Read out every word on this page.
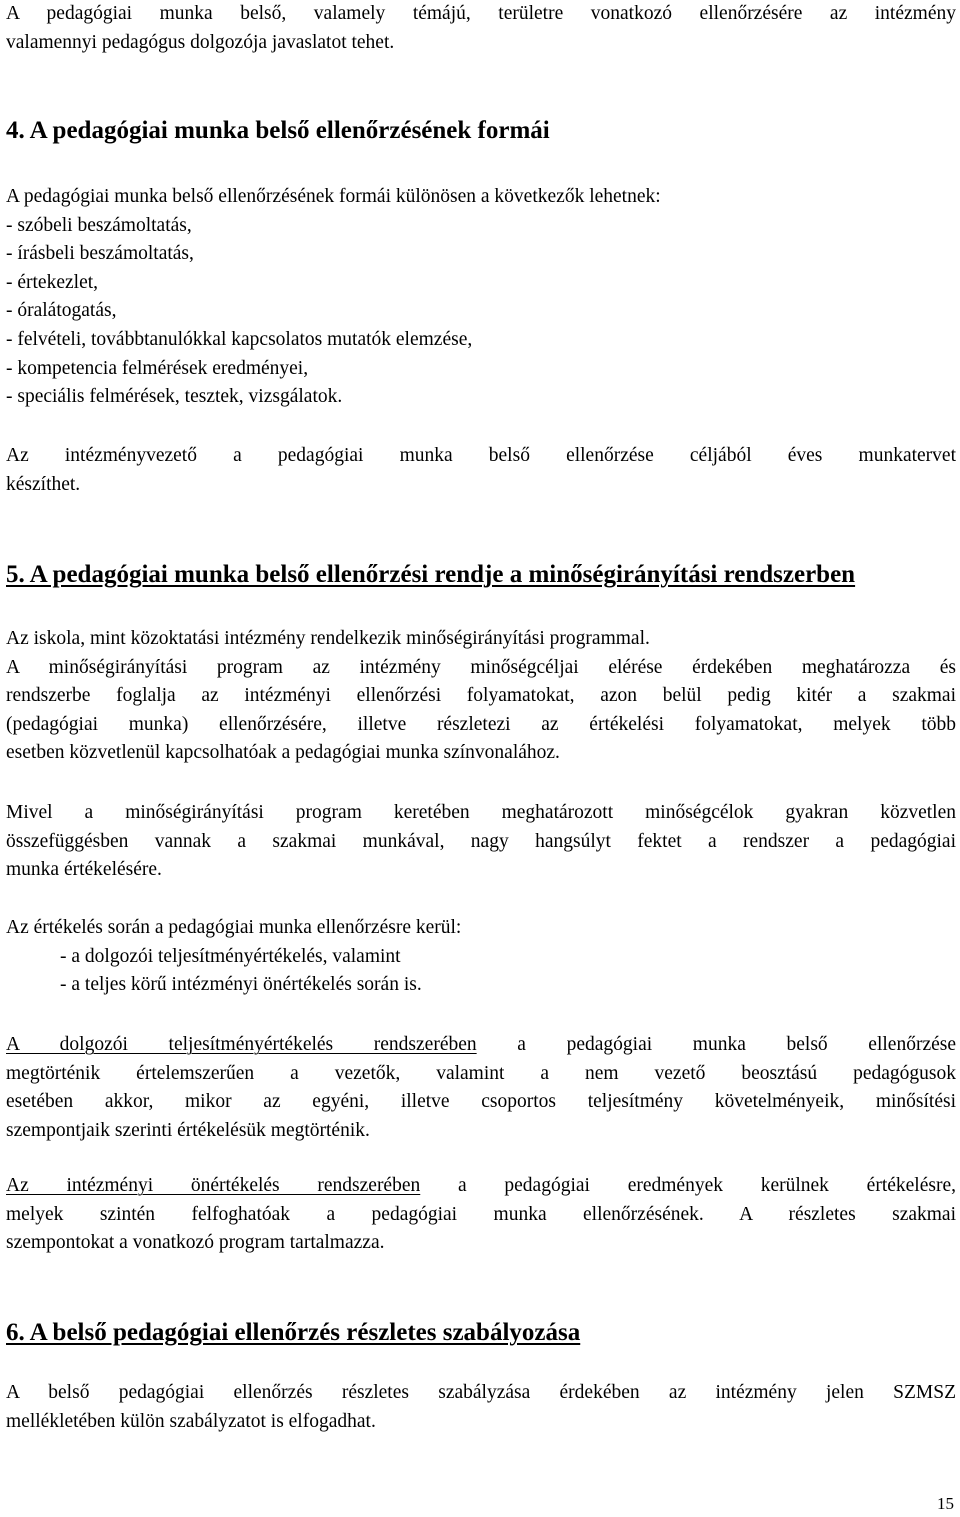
A pedagógiai munka belső, valamely témájú, területre vonatkozó ellenőrzésére az intézmény

valamennyi pedagógus dolgozója javaslatot tehet.

4. A pedagógiai munka belső ellenőrzésének formái

A pedagógiai munka belső ellenőrzésének formái különösen a következők lehetnek:

- szóbeli beszámoltatás,

- írásbeli beszámoltatás,

- értekezlet,

- óralátogatás,

- felvételi, továbbtanulókkal kapcsolatos mutatók elemzése,

- kompetencia felmérések eredményei,

- speciális felmérések, tesztek, vizsgálatok.

Az intézményvezető a pedagógiai munka belső ellenőrzése céljából éves munkatervet

készíthet.

5. A pedagógiai munka belső ellenőrzési rendje a minőségirányítási rendszerben

Az iskola, mint közoktatási intézmény rendelkezik minőségirányítási programmal.

A minőségirányítási program az intézmény minőségcéljai elérése érdekében meghatározza és

rendszerbe foglalja az intézményi ellenőrzési folyamatokat, azon belül pedig kitér a szakmai

(pedagógiai munka) ellenőrzésére, illetve részletezi az értékelési folyamatokat, melyek több

esetben közvetlenül kapcsolhatóak a pedagógiai munka színvonalához.

Mivel a minőségirányítási program keretében meghatározott minőségcélok gyakran közvetlen

összefüggésben vannak a szakmai munkával, nagy hangsúlyt fektet a rendszer a pedagógiai

munka értékelésére.

Az értékelés során a pedagógiai munka ellenőrzésre kerül:

- a dolgozói teljesítményértékelés, valamint

- a teljes körű intézményi önértékelés során is.

A dolgozói teljesítményértékelés rendszerében a pedagógiai munka belső ellenőrzése

megtörténik értelemszerűen a vezetők, valamint a nem vezető beosztású pedagógusok

esetében akkor, mikor az egyéni, illetve csoportos teljesítmény követelményeik, minősítési

szempontjaik szerinti értékelésük megtörténik.

Az intézményi önértékelés rendszerében a pedagógiai eredmények kerülnek értékelésre,

melyek szintén felfoghatóak a pedagógiai munka ellenőrzésének. A részletes szakmai

szempontokat a vonatkozó program tartalmazza.

6. A belső pedagógiai ellenőrzés részletes szabályozása

A belső pedagógiai ellenőrzés részletes szabályzása érdekében az intézmény jelen SZMSZ

mellékletében külön szabályzatot is elfogadhat.

15
